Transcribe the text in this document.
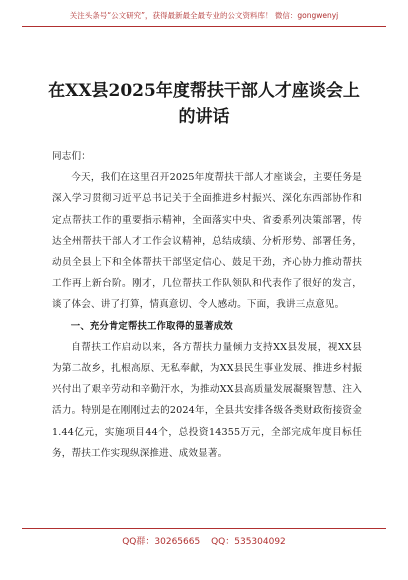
关注头条号“公文研究”，获得最新最全最专业的公文资料库！ 微信：gongwenyj
在XX县2025年度帮扶干部人才座谈会上的讲话

同志们：

今天，我们在这里召开2025年度帮扶干部人才座谈会，主要任务是深入学习贯彻习近平总书记关于全面推进乡村振兴、深化东西部协作和定点帮扶工作的重要指示精神，全面落实中央、省委系列决策部署，传达全州帮扶干部人才工作会议精神，总结成绩、分析形势、部署任务，动员全县上下和全体帮扶干部坚定信心、鼓足干劲，齐心协力推动帮扶工作再上新台阶。刚才，几位帮扶工作队领队和代表作了很好的发言，谈了体会、讲了打算，情真意切、令人感动。下面，我讲三点意见。

一、充分肯定帮扶工作取得的显著成效

自帮扶工作启动以来，各方帮扶力量倾力支持XX县发展，视XX县为第二故乡，扎根高原、无私奉献，为XX县民生事业发展、推进乡村振兴付出了艰辛劳动和辛勤汗水，为推动XX县高质量发展凝聚智慧、注入活力。特别是在刚刚过去的2024年，全县共安排各级各类财政衔接资金1.44亿元，实施项目44个，总投资14355万元，全部完成年度目标任务，帮扶工作实现纵深推进、成效显著。

QQ群：30265665 QQ：535304092
